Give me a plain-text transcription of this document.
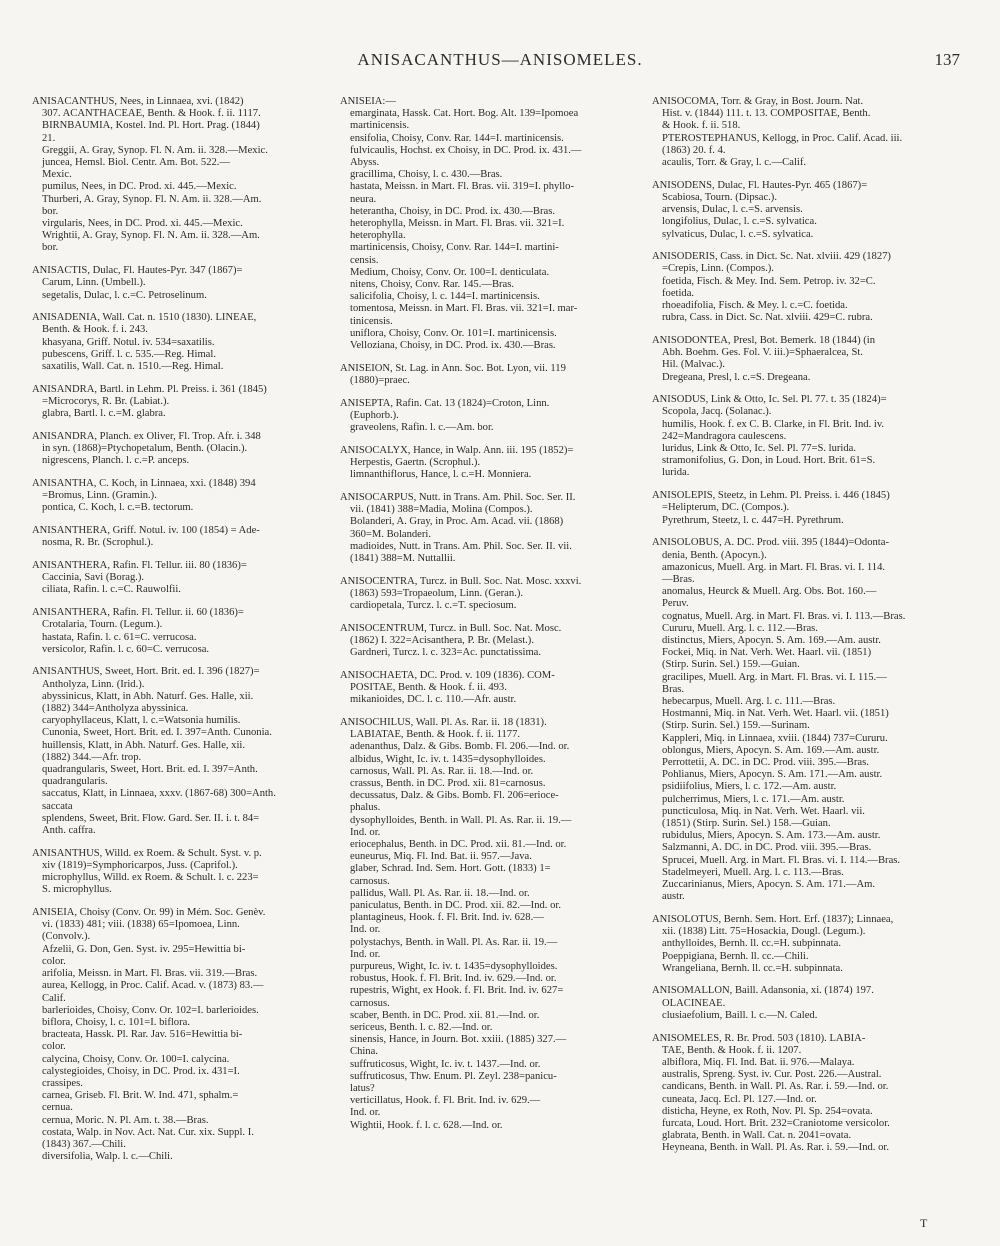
ANISACANTHUS—ANISOMELES.	137
ANISACANTHUS, Nees, in Linnaea, xvi. (1842)
307. ACANTHACEAE, Benth. & Hook. f. ii. 1117.
BIRNBAUMIA, Kostel. Ind. Pl. Hort. Prag. (1844)
21.
Greggii, A. Gray, Synop. Fl. N. Am. ii. 328.—Mexic.
juncea, Hemsl. Biol. Centr. Am. Bot. 522.—
Mexic.
pumilus, Nees, in DC. Prod. xi. 445.—Mexic.
Thurberi, A. Gray, Synop. Fl. N. Am. ii. 328.—Am.
bor.
virgularis, Nees, in DC. Prod. xi. 445.—Mexic.
Wrightii, A. Gray, Synop. Fl. N. Am. ii. 328.—Am.
bor.
ANISACTIS, Dulac, Fl. Hautes-Pyr. 347 (1867)=
Carum, Linn. (Umbell.).
segetalis, Dulac, l. c.=C. Petroselinum.
ANISADENIA, Wall. Cat. n. 1510 (1830). LINEAE,
Benth. & Hook. f. i. 243.
khasyana, Griff. Notul. iv. 534=saxatilis.
pubescens, Griff. l. c. 535.—Reg. Himal.
saxatilis, Wall. Cat. n. 1510.—Reg. Himal.
ANISANDRA, Bartl. in Lehm. Pl. Preiss. i. 361 (1845)
=Microcorys, R. Br. (Labiat.).
glabra, Bartl. l. c.=M. glabra.
ANISANDRA, Planch. ex Oliver, Fl. Trop. Afr. i. 348
in syn. (1868)=Ptychopetalum, Benth. (Olacin.).
nigrescens, Planch. l. c.=P. anceps.
ANISANTHA, C. Koch, in Linnaea, xxi. (1848) 394
=Bromus, Linn. (Gramin.).
pontica, C. Koch, l. c.=B. tectorum.
ANISANTHERA, Griff. Notul. iv. 100 (1854) = Ade-
nosma, R. Br. (Scrophul.).
ANISANTHERA, Rafin. Fl. Tellur. iii. 80 (1836)=
Caccinia, Savi (Borag.).
ciliata, Rafin. l. c.=C. Rauwolfii.
ANISANTHERA, Rafin. Fl. Tellur. ii. 60 (1836)=
Crotalaria, Tourn. (Legum.).
hastata, Rafin. l. c. 61=C. verrucosa.
versicolor, Rafin. l. c. 60=C. verrucosa.
ANISANTHUS, Sweet, Hort. Brit. ed. I. 396 (1827)=
Antholyza, Linn. (Irid.).
abyssinicus, Klatt, in Abh. Naturf. Ges. Halle, xii.
(1882) 344=Antholyza abyssinica.
caryophyllaceus, Klatt, l. c.=Watsonia humilis.
Cunonia, Sweet, Hort. Brit. ed. I. 397=Anth. Cunonia.
huillensis, Klatt, in Abh. Naturf. Ges. Halle, xii.
(1882) 344.—Afr. trop.
quadrangularis, Sweet, Hort. Brit. ed. I. 397=Anth.
quadrangularis.
saccatus, Klatt, in Linnaea, xxxv. (1867-68) 300=Anth.
saccata
splendens, Sweet, Brit. Flow. Gard. Ser. II. i. t. 84=
Anth. caffra.
ANISANTHUS, Willd. ex Roem. & Schult. Syst. v. p.
xiv (1819)=Symphoricarpos, Juss. (Caprifol.).
microphyllus, Willd. ex Roem. & Schult. l. c. 223=
S. microphyllus.
ANISEIA, Choisy (Conv. Or. 99) in Mém. Soc. Genèv.
vi. (1833) 481; viii. (1838) 65=Ipomoea, Linn.
(Convolv.).
Afzelii, G. Don, Gen. Syst. iv. 295=Hewittia bi-
color.
arifolia, Meissn. in Mart. Fl. Bras. vii. 319.—Bras.
aurea, Kellogg, in Proc. Calif. Acad. v. (1873) 83.—
Calif.
barlerioides, Choisy, Conv. Or. 102=I. barlerioides.
biflora, Choisy, l. c. 101=I. biflora.
bracteata, Hassk. Pl. Rar. Jav. 516=Hewittia bi-
color.
calycina, Choisy, Conv. Or. 100=I. calycina.
calystegioides, Choisy, in DC. Prod. ix. 431=I.
crassipes.
carnea, Griseb. Fl. Brit. W. Ind. 471, sphalm.=
cernua.
cernua, Moric. N. Pl. Am. t. 38.—Bras.
costata, Walp. in Nov. Act. Nat. Cur. xix. Suppl. I.
(1843) 367.—Chili.
diversifolia, Walp. l. c.—Chili.
ANISEIA:—
emarginata, Hassk. Cat. Hort. Bog. Alt. 139=Ipomoea
martinicensis.
ensifolia, Choisy, Conv. Rar. 144=I. martinicensis.
fulvicaulis, Hochst. ex Choisy, in DC. Prod. ix. 431.—
Abyss.
gracillima, Choisy, l. c. 430.—Bras.
hastata, Meissn. in Mart. Fl. Bras. vii. 319=I. phyllo-
neura.
heterantha, Choisy, in DC. Prod. ix. 430.—Bras.
heterophylla, Meissn. in Mart. Fl. Bras. vii. 321=I.
heterophylla.
martinicensis, Choisy, Conv. Rar. 144=I. martini-
censis.
Medium, Choisy, Conv. Or. 100=I. denticulata.
nitens, Choisy, Conv. Rar. 145.—Bras.
salicifolia, Choisy, l. c. 144=I. martinicensis.
tomentosa, Meissn. in Mart. Fl. Bras. vii. 321=I. mar-
tinicensis.
uniflora, Choisy, Conv. Or. 101=I. martinicensis.
Velloziana, Choisy, in DC. Prod. ix. 430.—Bras.
ANISEION, St. Lag. in Ann. Soc. Bot. Lyon, vii. 119
(1880)=praec.
ANISEPTA, Rafin. Cat. 13 (1824)=Croton, Linn.
(Euphorb.).
graveolens, Rafin. l. c.—Am. bor.
ANISOCALYX, Hance, in Walp. Ann. iii. 195 (1852)=
Herpestis, Gaertn. (Scrophul.).
limnanthiflorus, Hance, l. c.=H. Monniera.
ANISOCARPUS, Nutt. in Trans. Am. Phil. Soc. Ser. II.
vii. (1841) 388=Madia, Molina (Compos.).
Bolanderi, A. Gray, in Proc. Am. Acad. vii. (1868)
360=M. Bolanderi.
madioides, Nutt. in Trans. Am. Phil. Soc. Ser. II. vii.
(1841) 388=M. Nuttallii.
ANISOCENTRA, Turcz. in Bull. Soc. Nat. Mosc. xxxvi.
(1863) 593=Tropaeolum, Linn. (Geran.).
cardiopetala, Turcz. l. c.=T. speciosum.
ANISOCENTRUM, Turcz. in Bull. Soc. Nat. Mosc.
(1862) I. 322=Acisanthera, P. Br. (Melast.).
Gardneri, Turcz. l. c. 323=Ac. punctatissima.
ANISOCHAETA, DC. Prod. v. 109 (1836). COM-
POSITAE, Benth. & Hook. f. ii. 493.
mikanioides, DC. l. c. 110.—Afr. austr.
ANISOCHILUS, Wall. Pl. As. Rar. ii. 18 (1831).
LABIATAE, Benth. & Hook. f. ii. 1177.
adenanthus, Dalz. & Gibs. Bomb. Fl. 206.—Ind. or.
albidus, Wight, Ic. iv. t. 1435=dysophylloides.
carnosus, Wall. Pl. As. Rar. ii. 18.—Ind. or.
crassus, Benth. in DC. Prod. xii. 81=carnosus.
decussatus, Dalz. & Gibs. Bomb. Fl. 206=erioce-
phalus.
dysophylloides, Benth. in Wall. Pl. As. Rar. ii. 19.—
Ind. or.
eriocephalus, Benth. in DC. Prod. xii. 81.—Ind. or.
euneurus, Miq. Fl. Ind. Bat. ii. 957.—Java.
glaber, Schrad. Ind. Sem. Hort. Gott. (1833) 1=
carnosus.
pallidus, Wall. Pl. As. Rar. ii. 18.—Ind. or.
paniculatus, Benth. in DC. Prod. xii. 82.—Ind. or.
plantagineus, Hook. f. Fl. Brit. Ind. iv. 628.—
Ind. or.
polystachys, Benth. in Wall. Pl. As. Rar. ii. 19.—
Ind. or.
purpureus, Wight, Ic. iv. t. 1435=dysophylloides.
robustus, Hook. f. Fl. Brit. Ind. iv. 629.—Ind. or.
rupestris, Wight, ex Hook. f. Fl. Brit. Ind. iv. 627=
carnosus.
scaber, Benth. in DC. Prod. xii. 81.—Ind. or.
sericeus, Benth. l. c. 82.—Ind. or.
sinensis, Hance, in Journ. Bot. xxiii. (1885) 327.—
China.
suffruticosus, Wight, Ic. iv. t. 1437.—Ind. or.
suffruticosus, Thw. Enum. Pl. Zeyl. 238=panicu-
latus?
verticillatus, Hook. f. Fl. Brit. Ind. iv. 629.—
Ind. or.
Wightii, Hook. f. l. c. 628.—Ind. or.
ANISOCOMA, Torr. & Gray, in Bost. Journ. Nat.
Hist. v. (1844) 111. t. 13. COMPOSITAE, Benth.
& Hook. f. ii. 518.
PTEROSTEPHANUS, Kellogg, in Proc. Calif. Acad. iii.
(1863) 20. f. 4.
acaulis, Torr. & Gray, l. c.—Calif.
ANISODENS, Dulac, Fl. Hautes-Pyr. 465 (1867)=
Scabiosa, Tourn. (Dipsac.).
arvensis, Dulac, l. c.=S. arvensis.
longifolius, Dulac, l. c.=S. sylvatica.
sylvaticus, Dulac, l. c.=S. sylvatica.
ANISODERIS, Cass. in Dict. Sc. Nat. xlviii. 429 (1827)
=Crepis, Linn. (Compos.).
foetida, Fisch. & Mey. Ind. Sem. Petrop. iv. 32=C.
foetida.
rhoeadifolia, Fisch. & Mey. l. c.=C. foetida.
rubra, Cass. in Dict. Sc. Nat. xlviii. 429=C. rubra.
ANISODONTEA, Presl, Bot. Bemerk. 18 (1844) (in
Abh. Boehm. Ges. Fol. V. iii.)=Sphaeralcea, St.
Hil. (Malvac.).
Dregeana, Presl, l. c.=S. Dregeana.
ANISODUS, Link & Otto, Ic. Sel. Pl. 77. t. 35 (1824)=
Scopola, Jacq. (Solanac.).
humilis, Hook. f. ex C. B. Clarke, in Fl. Brit. Ind. iv.
242=Mandragora caulescens.
luridus, Link & Otto, Ic. Sel. Pl. 77=S. lurida.
stramonifolius, G. Don, in Loud. Hort. Brit. 61=S.
lurida.
ANISOLEPIS, Steetz, in Lehm. Pl. Preiss. i. 446 (1845)
=Helipterum, DC. (Compos.).
Pyrethrum, Steetz, l. c. 447=H. Pyrethrum.
ANISOLOBUS, A. DC. Prod. viii. 395 (1844)=Odonta-
denia, Benth. (Apocyn.).
amazonicus, Muell. Arg. in Mart. Fl. Bras. vi. I. 114.
—Bras.
anomalus, Heurck & Muell. Arg. Obs. Bot. 160.—
Peruv.
cognatus, Muell. Arg. in Mart. Fl. Bras. vi. I. 113.—Bras.
Cururu, Muell. Arg. l. c. 112.—Bras.
distinctus, Miers, Apocyn. S. Am. 169.—Am. austr.
Fockei, Miq. in Nat. Verh. Wet. Haarl. vii. (1851)
(Stirp. Surin. Sel.) 159.—Guian.
gracilipes, Muell. Arg. in Mart. Fl. Bras. vi. I. 115.—
Bras.
hebecarpus, Muell. Arg. l. c. 111.—Bras.
Hostmanni, Miq. in Nat. Verh. Wet. Haarl. vii. (1851)
(Stirp. Surin. Sel.) 159.—Surinam.
Kappleri, Miq. in Linnaea, xviii. (1844) 737=Cururu.
oblongus, Miers, Apocyn. S. Am. 169.—Am. austr.
Perrottetii, A. DC. in DC. Prod. viii. 395.—Bras.
Pohlianus, Miers, Apocyn. S. Am. 171.—Am. austr.
psidiifolius, Miers, l. c. 172.—Am. austr.
pulcherrimus, Miers, l. c. 171.—Am. austr.
puncticulosa, Miq. in Nat. Verh. Wet. Haarl. vii.
(1851) (Stirp. Surin. Sel.) 158.—Guian.
rubidulus, Miers, Apocyn. S. Am. 173.—Am. austr.
Salzmanni, A. DC. in DC. Prod. viii. 395.—Bras.
Sprucei, Muell. Arg. in Mart. Fl. Bras. vi. I. 114.—Bras.
Stadelmeyeri, Muell. Arg. l. c. 113.—Bras.
Zuccarinianus, Miers, Apocyn. S. Am. 171.—Am.
austr.
ANISOLOTUS, Bernh. Sem. Hort. Erf. (1837); Linnaea,
xii. (1838) Litt. 75=Hosackia, Dougl. (Legum.).
anthylloides, Bernh. ll. cc.=H. subpinnata.
Poeppigiana, Bernh. ll. cc.—Chili.
Wrangeliana, Bernh. ll. cc.=H. subpinnata.
ANISOMALLON, Baill. Adansonia, xi. (1874) 197.
OLACINEAE.
clusiaefolium, Baill. l. c.—N. Caled.
ANISOMELES, R. Br. Prod. 503 (1810). LABIA-
TAE, Benth. & Hook. f. ii. 1207.
albiflora, Miq. Fl. Ind. Bat. ii. 976.—Malaya.
australis, Spreng. Syst. iv. Cur. Post. 226.—Austral.
candicans, Benth. in Wall. Pl. As. Rar. i. 59.—Ind. or.
cuneata, Jacq. Ecl. Pl. 127.—Ind. or.
disticha, Heyne, ex Roth, Nov. Pl. Sp. 254=ovata.
furcata, Loud. Hort. Brit. 232=Craniotome versicolor.
glabrata, Benth. in Wall. Cat. n. 2041=ovata.
Heyneana, Benth. in Wall. Pl. As. Rar. i. 59.—Ind. or.
T
